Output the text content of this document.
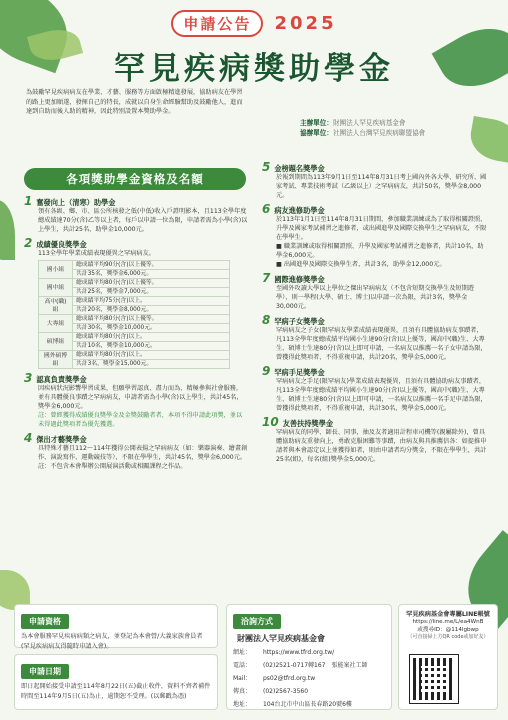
申請公告 2025
罕見疾病獎助學金
為鼓勵罕見疾病病友在學業、才藝、服務等方面啟極精進發展，協助病友在學習的路上更加順遂，發揮自己的特長，成就以自身生命經驗幫助及鼓勵他人，進而達到自助而後人助的精神，因此特別設置本獎助學金。
主辦單位：財團法人罕見疾病基金會
協辦單位：社團法人台灣罕見疾病聯盟協會
各項獎助學金資格及名額
1 奮發向上（清寒）助學金
領有各級、鄉、市、區公所核發之低(中低)收入戶證明影本，且113全學年度總成績達70分(含)乙等以上者，每戶以申請一位為限，申請者需為小學(含)以上學生，共計25名，助學金10,000元。
2 成績優良獎學金
113全學年學業成績表現優異之罕病病友。
國小組	總成績平均90分(含)以上優等。
	共計35名，獎學金6,000元。
國中組	總成績平均80分(含)以上優等。
	共計25名，獎學金7,000元。
高中(職)組	總成績平均75分(含)以上。
	共計20名，獎學金8,000元。
大專組	總成績平均80分(含)以上優等。
	共計30名，獎學金10,000元。
碩博組	總成績平均80分(含)以上。
	共計10名，獎學金10,000元。
國外碩博組	總成績平均80分(含)以上。
	共計3名，獎學金15,000元。
3 認真負責獎學金
因疾病狀況影響學習成果，但願學習認真、盡力而為、精極參與社會服務，並有具體優良事蹟之罕病病友，申請者需為小學(含)以上學生，共計45名，獎學金6,000元。
註：曾經獲得成績優良獎學金及金獎鼓勵者者，本項不得申請此項獎，並以未得過此獎項者為優先獲選。
4 傑出才藝獎學金
具特殊才藝且112～114年獲得公開表揚之罕病病友（如：樂器演奏、繪畫創作、演說寫作、運動競技等），不限在學學生，共計45名，獎學金6,000元。
註：不包含本會舉辦公開展演活動或相關課程之作品。
5 金榜題名獎學金
於報到期間為113年9月1日至114年8月31日考上國內外各大學、研究所、國家考試、專業技術考試（乙級以上）之罕病病友，共計50名，獎學金8,000元。
6 病友進修助學金
於113年1月1日至114年8月31日期間，參加職業訓練或為了取得相關證照、升學及國家考試補習之進修者，或出國進學及國際交換學生之罕病病友，不限在學學生。
■ 職業訓練或取得相關證照、升學及國家考試補習之進修者，共計10名，助學金6,000元。
■ 出國進學及國際交換學生者，共計3名，助學金12,000元。
7 國際進修獎學金
至國外攻讀大學以上學位之傑出罕病病友（不包含短期交換學生及短期遊學），則一學程(大學、碩士、博士)以申請一次為限，共計3名，獎學金30,000元。
8 罕病子女獎學金
罕病病友之子女(限罕病友學業成績表現優異，且須有具體協助病友事蹟者，凡113全學年度總成績平均國小生達90分(含)以上優等，國高中(職)生、大專生、碩博士生達80分(含)以上即可申請，一名病友以推薦一名子女申請為限，曾獲得此獎項者，不得重複申請，共計20名，獎學金5,000元。
9 罕病手足獎學金
罕病病友之手足(限罕病友)學業成績表現優異，且須有具體協助病友事蹟者，凡113全學年度總成績平均國小生達90分(含)以上優等，國高中(職)生、大專生、碩博士生達80分(含)以上即可申請，一名病友以推薦一名手足申請為限，曾獲得此獎項者，不得重複申請，共計30名，獎學金5,000元。
10 友善扶持獎學金
罕病病友的同學、師長、同事，抽及友者適用計程車司機等(親屬除外)，曾具體協助病友重發向上，勇敢克服困難等事蹟，由病友與具推薦信各：如提推申請者與本會認定以上並獲得如者，則由申請者均分獎金，不限在學學生，共計25名(組)，每名(組)獎學金5,000元。
申請資格
為本會服務罕見疾病病類之病友，並登記為本會營/大義家族會員者(罕見疾病病友得隨時申請入會)。
申請日期
即日起開始接受申請至114年8月22日(五)截止收件，資料不齊者補件時間至114年9月5日(五)為止，逾期恕不受理。(以郵戳為憑)
洽詢方式
財團法人罕見疾病基金會
網址：	https://www.tfrd.org.tw/
電話：	(02)2521-0717轉167　張能案社工師
Mail：	ps02@tfrd.org.tw
傳真：	(02)2567-3560
地址：	104台北市中山區長春路20號6樓
罕見疾病基金會專屬LINE帳號
https://line.me/L/ea4WnB
或搜尋ID：@114lgbwp
（可直接掃上方QR code或加好友）
